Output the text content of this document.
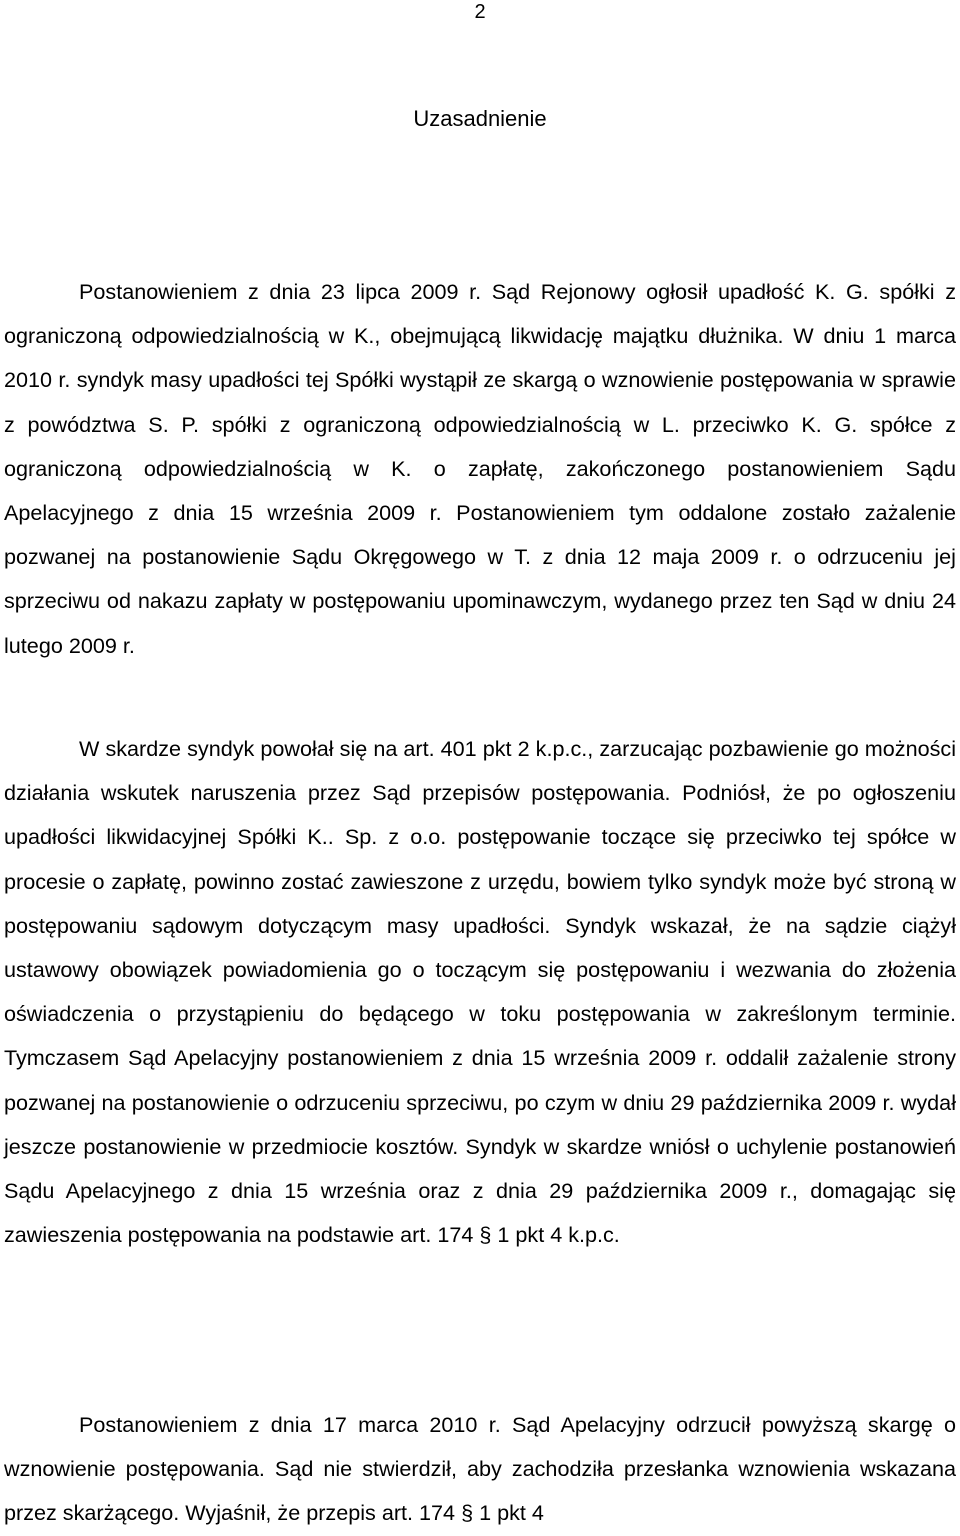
2
Uzasadnienie

Postanowieniem z dnia 23 lipca 2009 r. Sąd Rejonowy ogłosił upadłość K. G. spółki z ograniczoną odpowiedzialnością w K., obejmującą likwidację majątku dłużnika. W dniu 1 marca 2010 r. syndyk masy upadłości tej Spółki wystąpił ze skargą o wznowienie postępowania w sprawie z powództwa S. P. spółki z ograniczoną odpowiedzialnością w L. przeciwko K. G. spółce z ograniczoną odpowiedzialnością w K. o zapłatę, zakończonego postanowieniem Sądu Apelacyjnego z dnia 15 września 2009 r. Postanowieniem tym oddalone zostało zażalenie pozwanej na postanowienie Sądu Okręgowego w T. z dnia 12 maja 2009 r. o odrzuceniu jej sprzeciwu od nakazu zapłaty w postępowaniu upominawczym, wydanego przez ten Sąd w dniu 24 lutego 2009 r.

W skardze syndyk powołał się na art. 401 pkt 2 k.p.c., zarzucając pozbawienie go możności działania wskutek naruszenia przez Sąd przepisów postępowania. Podniósł, że po ogłoszeniu upadłości likwidacyjnej Spółki K.. Sp. z o.o. postępowanie toczące się przeciwko tej spółce w procesie o zapłatę, powinno zostać zawieszone z urzędu, bowiem tylko syndyk może być stroną w postępowaniu sądowym dotyczącym masy upadłości. Syndyk wskazał, że na sądzie ciążył ustawowy obowiązek powiadomienia go o toczącym się postępowaniu i wezwania do złożenia oświadczenia o przystąpieniu do będącego w toku postępowania w zakreślonym terminie. Tymczasem Sąd Apelacyjny postanowieniem z dnia 15 września 2009 r. oddalił zażalenie strony pozwanej na postanowienie o odrzuceniu sprzeciwu, po czym w dniu 29 października 2009 r. wydał jeszcze postanowienie w przedmiocie kosztów. Syndyk w skardze wniósł o uchylenie postanowień Sądu Apelacyjnego z dnia 15 września oraz z dnia 29 października 2009 r., domagając się zawieszenia postępowania na podstawie art. 174 § 1 pkt 4 k.p.c.

Postanowieniem z dnia 17 marca 2010 r. Sąd Apelacyjny odrzucił powyższą skargę o wznowienie postępowania. Sąd nie stwierdził, aby zachodziła przesłanka wznowienia wskazana przez skarżącego. Wyjaśnił, że przepis art. 174 § 1 pkt 4
